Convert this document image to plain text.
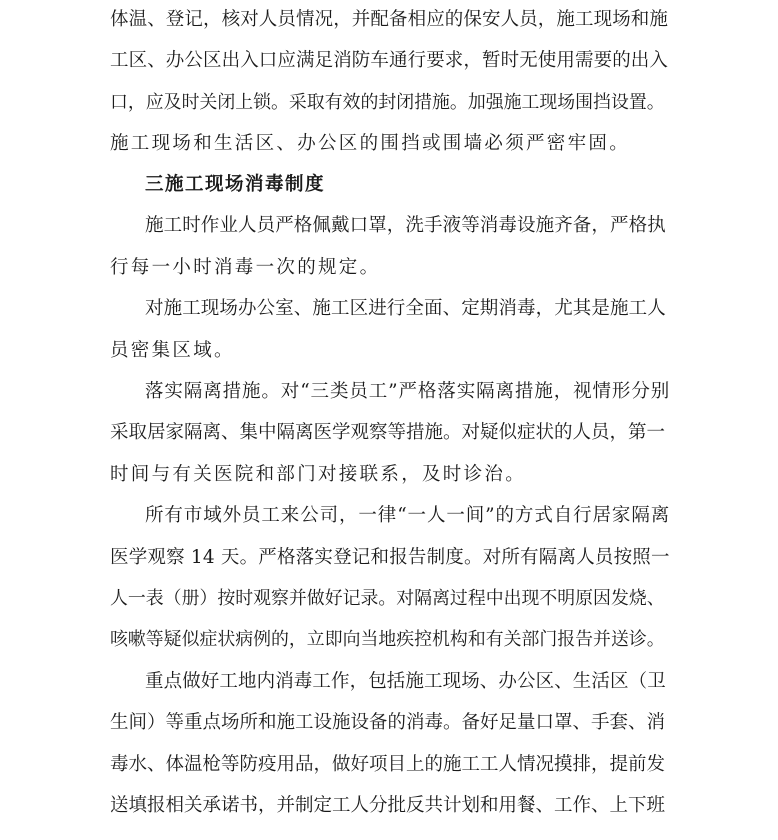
体温、登记，核对人员情况，并配备相应的保安人员，施工现场和施
工区、办公区出入口应满足消防车通行要求，暂时无使用需要的出入
口，应及时关闭上锁。采取有效的封闭措施。加强施工现场围挡设置。
施工现场和生活区、办公区的围挡或围墙必须严密牢固。
三施工现场消毒制度
施工时作业人员严格佩戴口罩，洗手液等消毒设施齐备，严格执
行每一小时消毒一次的规定。
对施工现场办公室、施工区进行全面、定期消毒，尤其是施工人
员密集区域。
落实隔离措施。对“三类员工”严格落实隔离措施，视情形分别
采取居家隔离、集中隔离医学观察等措施。对疑似症状的人员，第一
时间与有关医院和部门对接联系，及时诊治。
所有市域外员工来公司，一律“一人一间”的方式自行居家隔离
医学观察 14 天。严格落实登记和报告制度。对所有隔离人员按照一
人一表（册）按时观察并做好记录。对隔离过程中出现不明原因发烧、
咳嗽等疑似症状病例的，立即向当地疾控机构和有关部门报告并送诊。
重点做好工地内消毒工作，包括施工现场、办公区、生活区（卫
生间）等重点场所和施工设施设备的消毒。备好足量口罩、手套、消
毒水、体温枪等防疫用品，做好项目上的施工工人情况摸排，提前发
送填报相关承诺书，并制定工人分批反共计划和用餐、工作、上下班
